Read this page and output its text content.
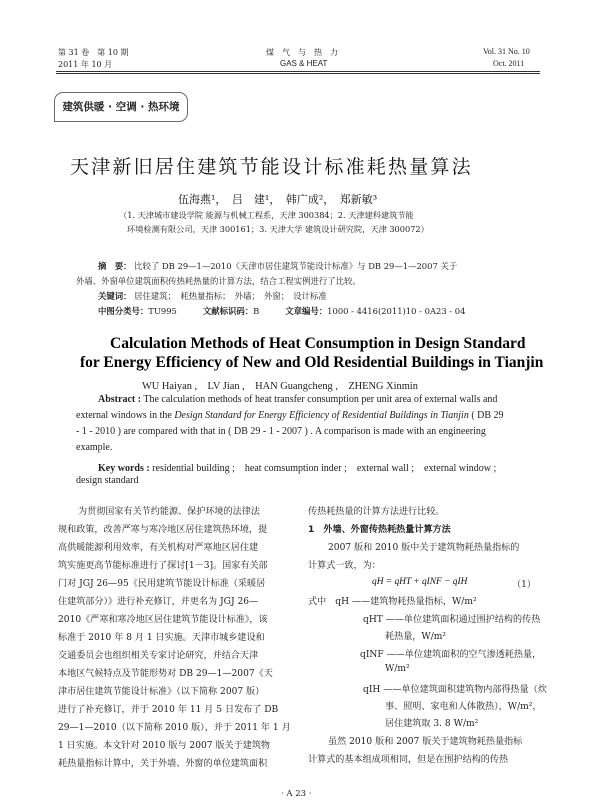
第 31 卷　第 10 期
2011 年 10 月
煤　气　与　热　力
GAS & HEAT
Vol. 31 No. 10
Oct. 2011
建筑供暖 · 空调 · 热环境
天津新旧居住建筑节能设计标准耗热量算法
伍海燕¹，　吕　建¹，　韩广成²，　郑新敏³
（1. 天津城市建设学院 能源与机械工程系，天津 300384；2. 天津建科建筑节能
环境检测有限公司，天津 300161；3. 天津大学 建筑设计研究院，天津 300072）
摘　要： 比较了 DB 29—1—2010《天津市居住建筑节能设计标准》与 DB 29—1—2007 关于
外墙、外窗单位建筑面积传热耗热量的计算方法，结合工程实例进行了比较。
关键词： 居住建筑；　耗热量指标；　外墙；　外窗；　设计标准
中图分类号：TU995	文献标识码：B	文章编号：1000 - 4416(2011)10 - 0A23 - 04
Calculation Methods of Heat Consumption in Design Standard
for Energy Efficiency of New and Old Residential Buildings in Tianjin
WU Haiyan ,　LV Jian ,　HAN Guangcheng ,　ZHENG Xinmin
Abstract : The calculation methods of heat transfer consumption per unit area of external walls and
external windows in the Design Standard for Energy Efficiency of Residential Buildings in Tianjin ( DB 29
- 1 - 2010 ) are compared with that in ( DB 29 - 1 - 2007 ) . A comparison is made with an engineering
example.
Key words : residential building ;　heat comsumption inder ;　external wall ;　external window ;
design standard
为贯彻国家有关节约能源、保护环境的法律法
规和政策，改善严寒与寒冷地区居住建筑热环境，提
高供暖能源利用效率，有关机构对严寒地区居住建
筑实施更高节能标准进行了探讨[1－3]。国家有关部
门对 JGJ 26—95《民用建筑节能设计标准（采暖居
住建筑部分）》进行补充修订，并更名为 JGJ 26—
2010《严寒和寒冷地区居住建筑节能设计标准》，该
标准于 2010 年 8 月 1 日实施。天津市城乡建设和
交通委员会也组织相关专家讨论研究，并结合天津
本地区气候特点及节能形势对 DB 29—1—2007《天
津市居住建筑节能设计标准》（以下简称 2007 版）
进行了补充修订，并于 2010 年 11 月 5 日发布了 DB
29—1—2010（以下简称 2010 版），并于 2011 年 1 月
1 日实施。本文针对 2010 版与 2007 版关于建筑物
耗热量指标计算中，关于外墙、外窗的单位建筑面积
传热耗热量的计算方法进行比较。
1　外墙、外窗传热耗热量计算方法
2007 版和 2010 版中关于建筑物耗热量指标的
计算式一致，为：
qH = qHT + qINF − qIH	（1）
式中　qH ——建筑物耗热量指标，W/m²
qHT ——单位建筑面积通过围护结构的传热
耗热量，W/m²
qINF ——单位建筑面积的空气渗透耗热量，
W/m²
qIH ——单位建筑面积建筑物内部得热量（炊
事、照明、家电和人体散热），W/m²，
居住建筑取 3. 8 W/m²
虽然 2010 版和 2007 版关于建筑物耗热量指标
计算式的基本组成项相同，但是在围护结构的传热
· A 23 ·
